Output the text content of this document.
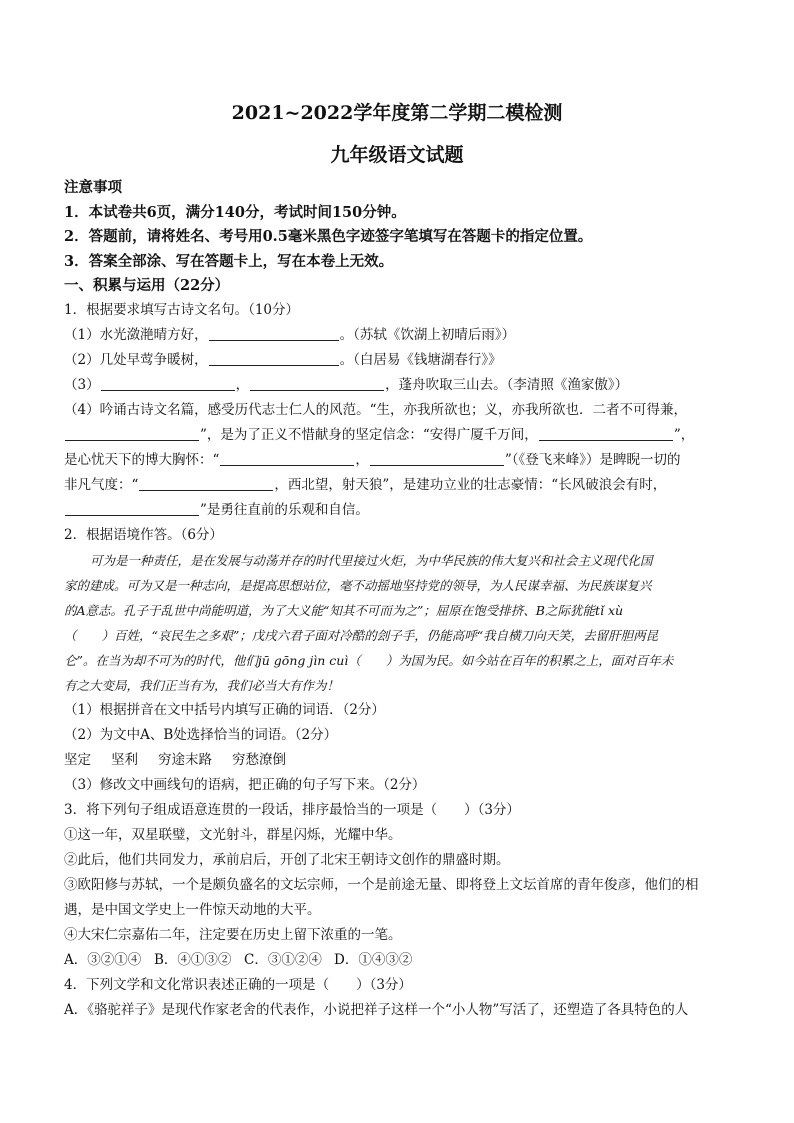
2021~2022学年度第二学期二模检测
九年级语文试题
注意事项
1．本试卷共6页，满分140分，考试时间150分钟。
2．答题前，请将姓名、考号用0.5毫米黑色字迹签字笔填写在答题卡的指定位置。
3．答案全部涂、写在答题卡上，写在本卷上无效。
一、积累与运用（22分）
1．根据要求填写古诗文名句。（10分）
（1）水光潋滟晴方好，	。（苏轼《饮湖上初晴后雨》）
（2）几处早莺争暖树，	。（白居易《钱塘湖春行》》
（3）	，	，蓬舟吹取三山去。（李清照《渔家傲》）
（4）吟诵古诗文名篇，感受历代志士仁人的风范。“生，亦我所欲也；义，亦我所欲也．二者不可得兼，
”，是为了正义不惜献身的坚定信念：“安得广厦千万间，	”，
是心忧天下的博大胸怀：“	，	”（《登飞来峰》）是睥睨一切的
非凡气度：“	，西北望，射天狼”，是建功立业的壮志豪情：“长风破浪会有时，
”是勇往直前的乐观和自信。
2．根据语境作答。（6分）
可为是一种责任，是在发展与动荡并存的时代里接过火炬，为中华民族的伟大复兴和社会主义现代化国
家的建成。可为又是一种志向，是提高思想站位，毫不动摇地坚持党的领导，为人民谋幸福、为民族谋复兴
的A意志。孔子于乱世中尚能明道，为了大义能“知其不可而为之”；屈原在饱受排挤、B之际犹能tǐ xù
（　　）百姓，“哀民生之多艰”；戊戌六君子面对冷酷的刽子手，仍能高呼“我自横刀向天笑，去留肝胆两昆
仑”。在当为却不可为的时代，他们jū gōng jìn cuì（　　）为国为民。如今站在百年的积累之上，面对百年未
有之大变局，我们正当有为，我们必当大有作为！
（1）根据拼音在文中括号内填写正确的词语．（2分）
（2）为文中A、B处选择恰当的词语。（2分）
坚定 坚利 穷途末路 穷愁潦倒
（3）修改文中画线句的语病，把正确的句子写下来。（2分）
3．将下列句子组成语意连贯的一段话，排序最恰当的一项是（　　）（3分）
①这一年，双星联璧，文光射斗，群星闪烁，光耀中华。
②此后，他们共同发力，承前启后，开创了北宋王朝诗文创作的鼎盛时期。
③欧阳修与苏轼，一个是颇负盛名的文坛宗师，一个是前途无量、即将登上文坛首席的青年俊彦，他们的相
遇，是中国文学史上一件惊天动地的大平。
④大宋仁宗嘉佑二年，注定要在历史上留下浓重的一笔。
A．③②①④ B．④①③② C．③①②④ D．①④③②
4．下列文学和文化常识表述正确的一项是（　　）（3分）
A．《骆驼祥子》是现代作家老舍的代表作，小说把祥子这样一个“小人物”写活了，还塑造了各具特色的人
